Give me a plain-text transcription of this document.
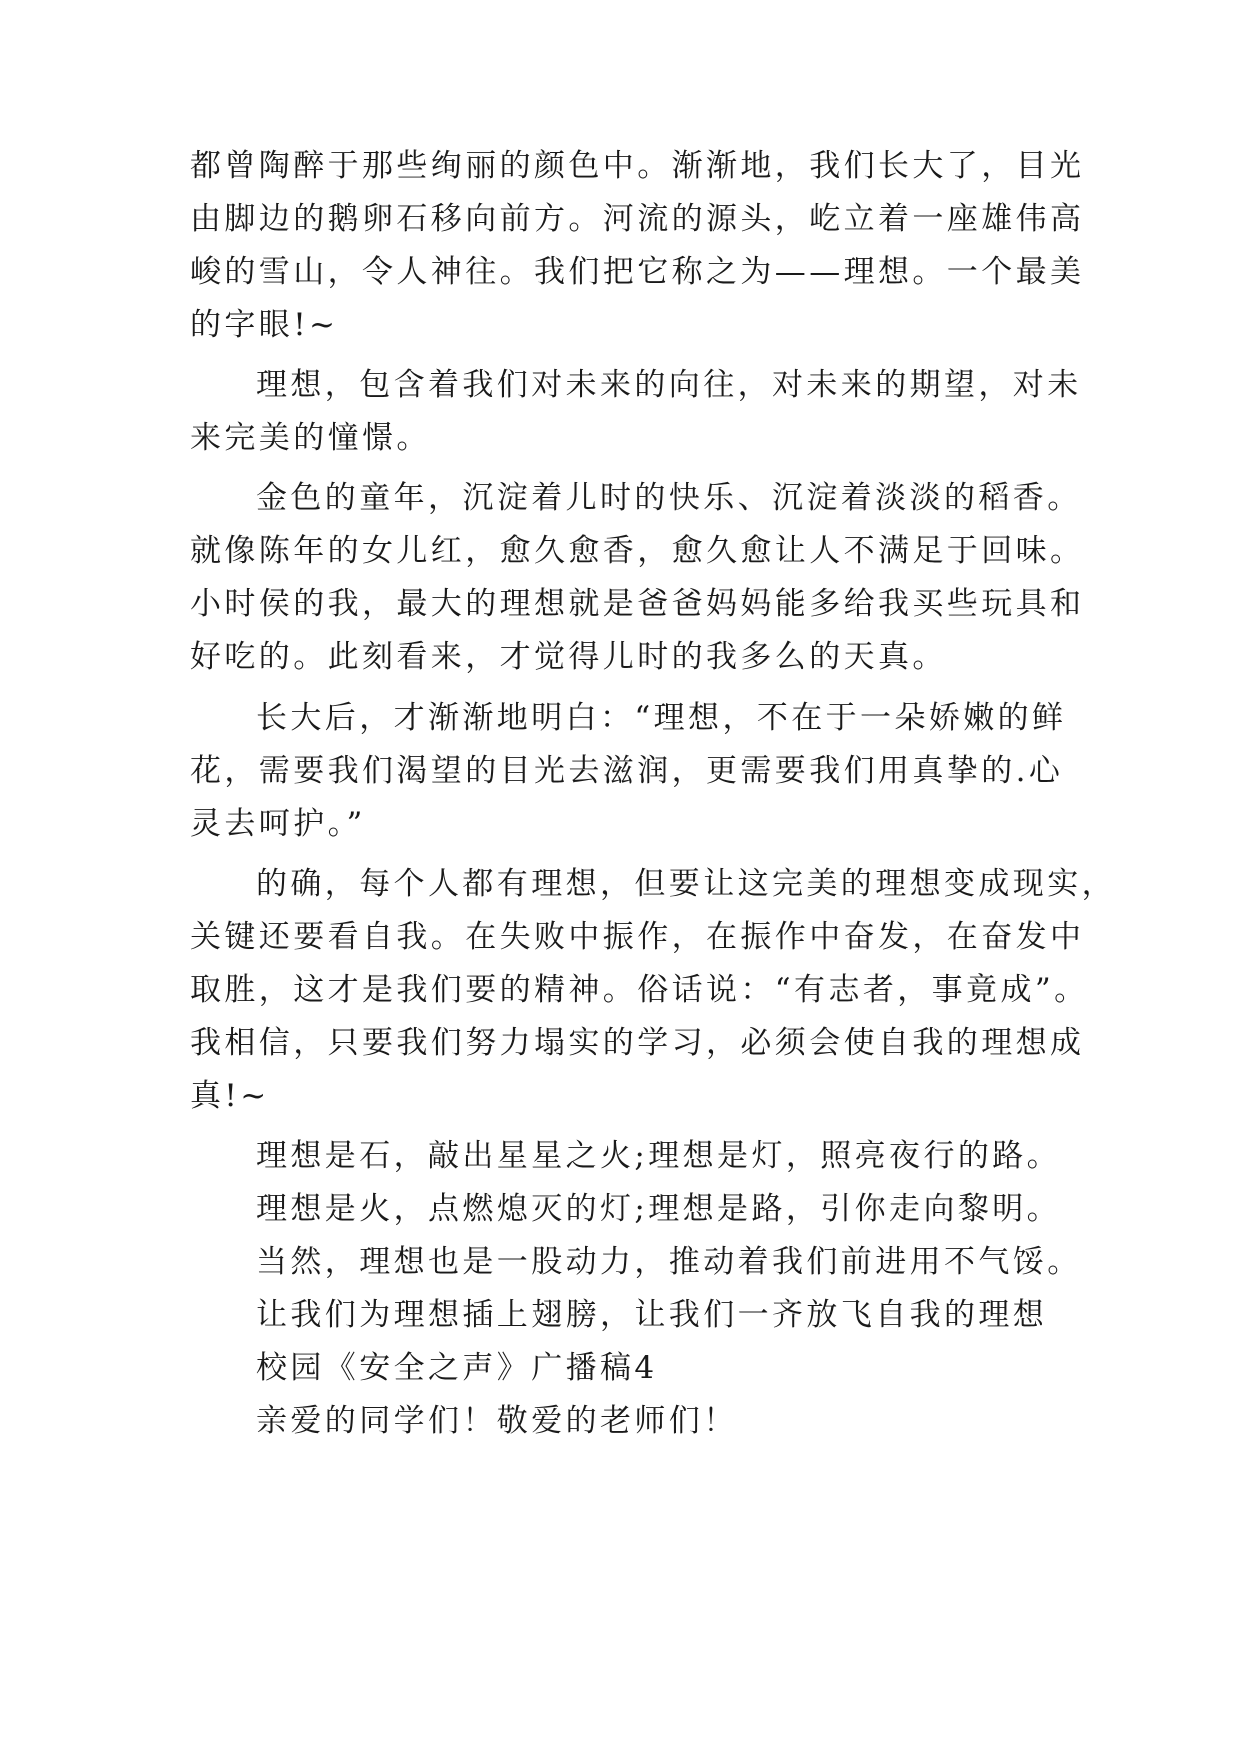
都曾陶醉于那些绚丽的颜色中。渐渐地，我们长大了，目光
由脚边的鹅卵石移向前方。河流的源头，屹立着一座雄伟高
峻的雪山，令人神往。我们把它称之为——理想。一个最美
的字眼!~
理想，包含着我们对未来的向往，对未来的期望，对未
来完美的憧憬。
金色的童年，沉淀着儿时的快乐、沉淀着淡淡的稻香。
就像陈年的女儿红，愈久愈香，愈久愈让人不满足于回味。
小时侯的我，最大的理想就是爸爸妈妈能多给我买些玩具和
好吃的。此刻看来，才觉得儿时的我多么的天真。
长大后，才渐渐地明白：“理想，不在于一朵娇嫩的鲜
花，需要我们渴望的目光去滋润，更需要我们用真挚的.心
灵去呵护。”
的确，每个人都有理想，但要让这完美的理想变成现实，
关键还要看自我。在失败中振作，在振作中奋发，在奋发中
取胜，这才是我们要的精神。俗话说：“有志者，事竟成”。
我相信，只要我们努力塌实的学习，必须会使自我的理想成
真!~
理想是石，敲出星星之火;理想是灯，照亮夜行的路。
理想是火，点燃熄灭的灯;理想是路，引你走向黎明。
当然，理想也是一股动力，推动着我们前进用不气馁。
让我们为理想插上翅膀，让我们一齐放飞自我的理想
校园《安全之声》广播稿4
亲爱的同学们！敬爱的老师们！
